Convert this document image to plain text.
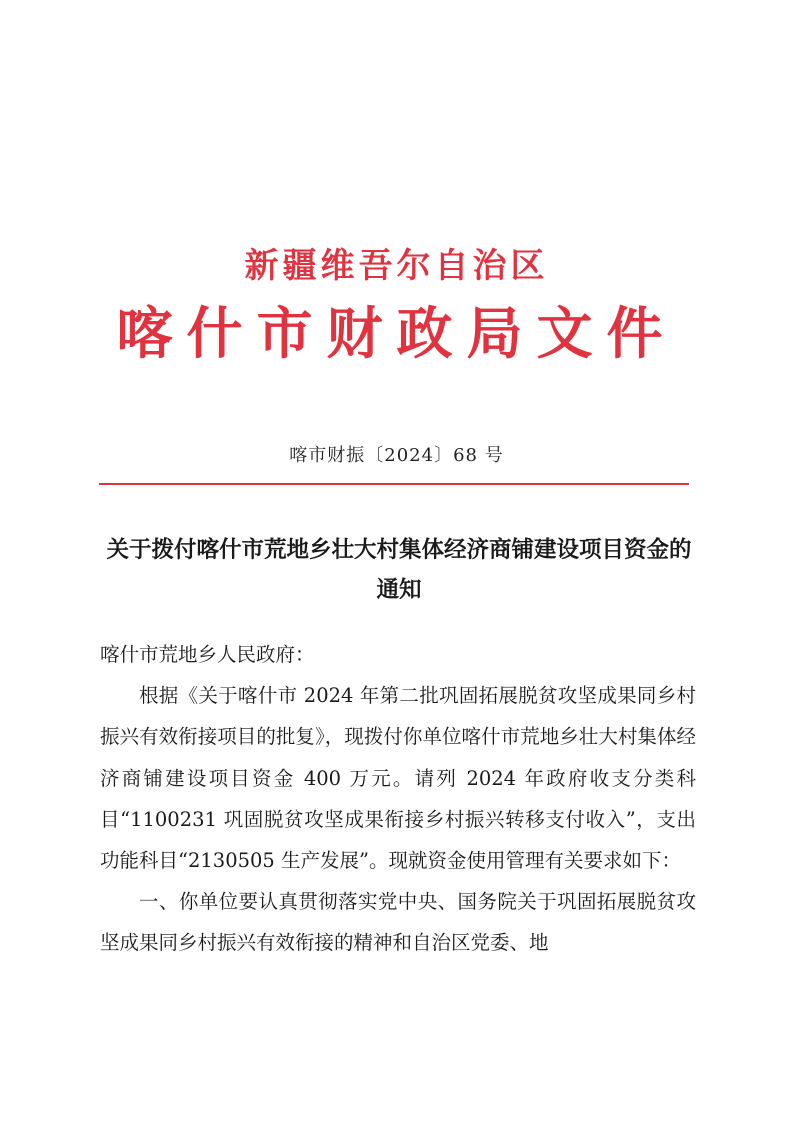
新疆维吾尔自治区
喀什市财政局文件
喀市财振〔2024〕68 号
关于拨付喀什市荒地乡壮大村集体经济商铺建设项目资金的通知

喀什市荒地乡人民政府：

根据《关于喀什市 2024 年第二批巩固拓展脱贫攻坚成果同乡村振兴有效衔接项目的批复》，现拨付你单位喀什市荒地乡壮大村集体经济商铺建设项目资金 400 万元。请列 2024 年政府收支分类科目“1100231 巩固脱贫攻坚成果衔接乡村振兴转移支付收入”，支出功能科目“2130505 生产发展”。现就资金使用管理有关要求如下：

一、你单位要认真贯彻落实党中央、国务院关于巩固拓展脱贫攻坚成果同乡村振兴有效衔接的精神和自治区党委、地
